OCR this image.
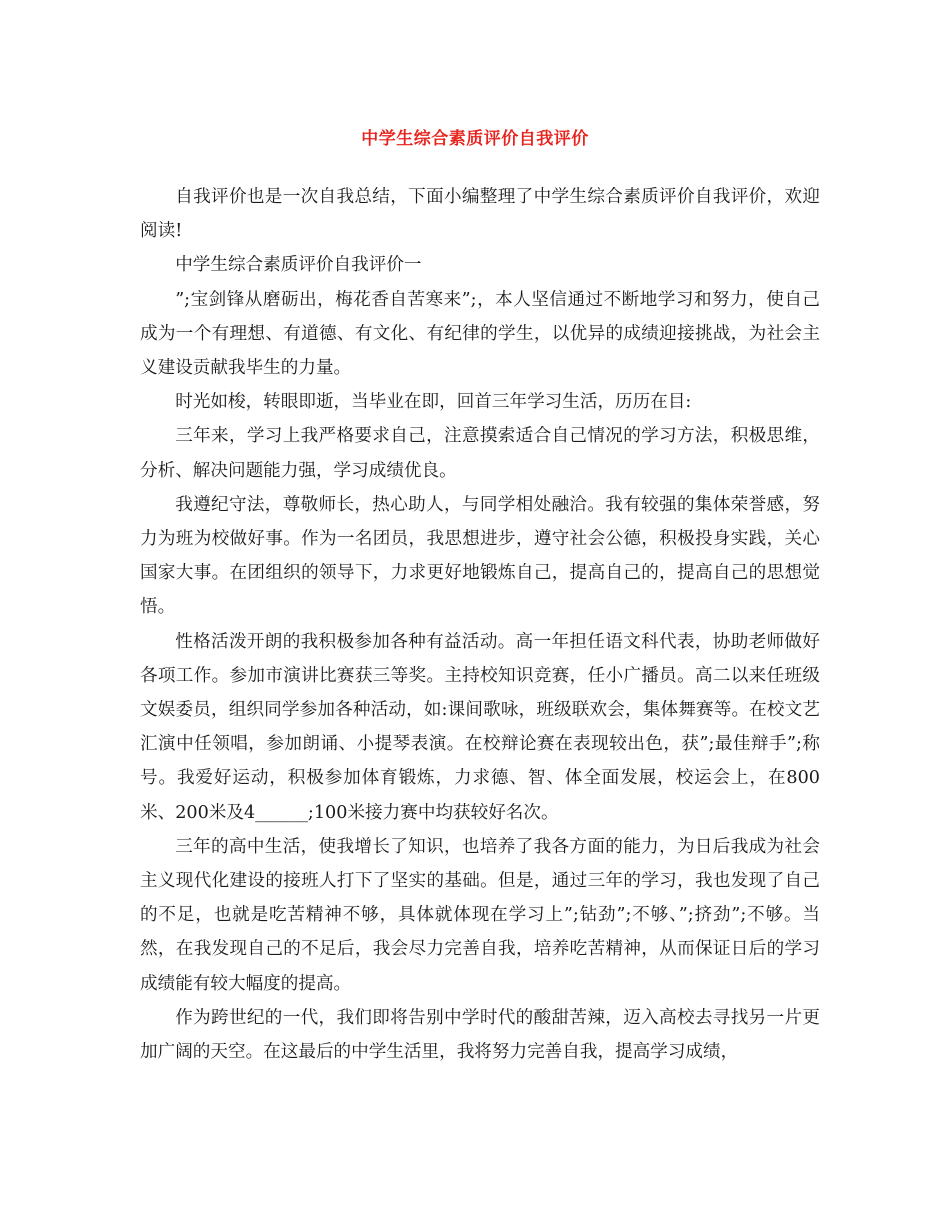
中学生综合素质评价自我评价

自我评价也是一次自我总结，下面小编整理了中学生综合素质评价自我评价，欢迎阅读!

中学生综合素质评价自我评价一

”;宝剑锋从磨砺出，梅花香自苦寒来”;，本人坚信通过不断地学习和努力，使自己成为一个有理想、有道德、有文化、有纪律的学生，以优异的成绩迎接挑战，为社会主义建设贡献我毕生的力量。

时光如梭，转眼即逝，当毕业在即，回首三年学习生活，历历在目:

三年来，学习上我严格要求自己，注意摸索适合自己情况的学习方法，积极思维，分析、解决问题能力强，学习成绩优良。

我遵纪守法，尊敬师长，热心助人，与同学相处融洽。我有较强的集体荣誉感，努力为班为校做好事。作为一名团员，我思想进步，遵守社会公德，积极投身实践，关心国家大事。在团组织的领导下，力求更好地锻炼自己，提高自己的，提高自己的思想觉悟。

性格活泼开朗的我积极参加各种有益活动。高一年担任语文科代表，协助老师做好各项工作。参加市演讲比赛获三等奖。主持校知识竞赛，任小广播员。高二以来任班级文娱委员，组织同学参加各种活动，如:课间歌咏，班级联欢会，集体舞赛等。在校文艺汇演中任领唱，参加朗诵、小提琴表演。在校辩论赛在表现较出色，获”;最佳辩手”;称号。我爱好运动，积极参加体育锻炼，力求德、智、体全面发展，校运会上，在800米、200米及4______;100米接力赛中均获较好名次。

三年的高中生活，使我增长了知识，也培养了我各方面的能力，为日后我成为社会主义现代化建设的接班人打下了坚实的基础。但是，通过三年的学习，我也发现了自己的不足，也就是吃苦精神不够，具体就体现在学习上”;钻劲”;不够、”;挤劲”;不够。当然，在我发现自己的不足后，我会尽力完善自我，培养吃苦精神，从而保证日后的学习成绩能有较大幅度的提高。

作为跨世纪的一代，我们即将告别中学时代的酸甜苦辣，迈入高校去寻找另一片更加广阔的天空。在这最后的中学生活里，我将努力完善自我，提高学习成绩，
